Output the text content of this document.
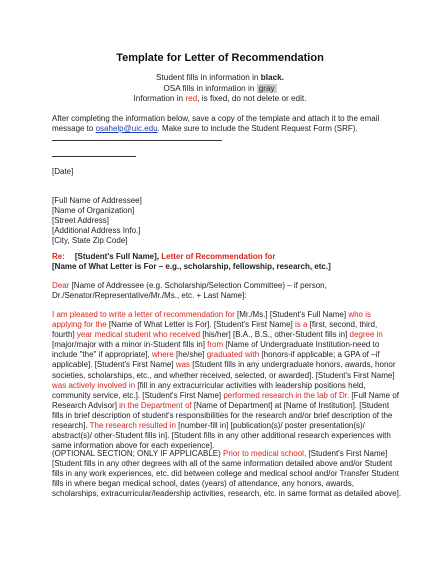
Template for Letter of Recommendation
Student fills in information in black.
OSA fills in information in gray
Information in red, is fixed, do not delete or edit.
After completing the information below, save a copy of the template and attach it to the email message to osahelp@uic.edu. Make sure to include the Student Request Form (SRF).
[Date]
[Full Name of Addressee]
[Name of Organization]
[Street Address]
[Additional Address Info.]
[City, State Zip Code]
Re: [Student's Full Name], Letter of Recommendation for
[Name of What Letter is For – e.g., scholarship, fellowship, research, etc.]
Dear [Name of Addressee (e.g. Scholarship/Selection Committee) – if person, Dr./Senator/Representative/Mr./Ms., etc. + Last Name]:

I am pleased to write a letter of recommendation for [Mr./Ms.] [Student's Full Name] who is applying for the [Name of What Letter is For]. [Student's First Name] is a [first, second, third, fourth] year medical student who received [his/her] [B.A., B.S., other-Student fills in] degree in [major/major with a minor in-Student fills in] from [Name of Undergraduate Institution-need to include "the" if appropriate], where [he/she] graduated with [honors-if applicable; a GPA of –if applicable]. [Student's First Name] was [Student fills in any undergraduate honors, awards, honor societies, scholarships, etc., and whether received, selected, or awarded]. [Student's First Name] was actively involved in [fill in any extracurricular activities with leadership positions held, community service, etc.]. [Student's First Name] performed research in the lab of Dr. [Full Name of Research Advisor] in the Department of [Name of Department] at [Name of Institution]. [Student fills in brief description of student's responsibilities for the research and/or brief description of the research]. The research resulted in [number-fill in] [publication(s)/ poster presentation(s)/ abstract(s)/ other-Student fills in]. [Student fills in any other additional research experiences with same information above for each experience].

(OPTIONAL SECTION; ONLY IF APPLICABLE) Prior to medical school, [Student's First Name] [Student fills in any other degrees with all of the same information detailed above and/or Student fills in any work experiences, etc. did between college and medical school and/or Transfer Student fills in where began medical school, dates (years) of attendance, any honors, awards, scholarships, extracurricular/leadership activities, research, etc. in same format as detailed above].
